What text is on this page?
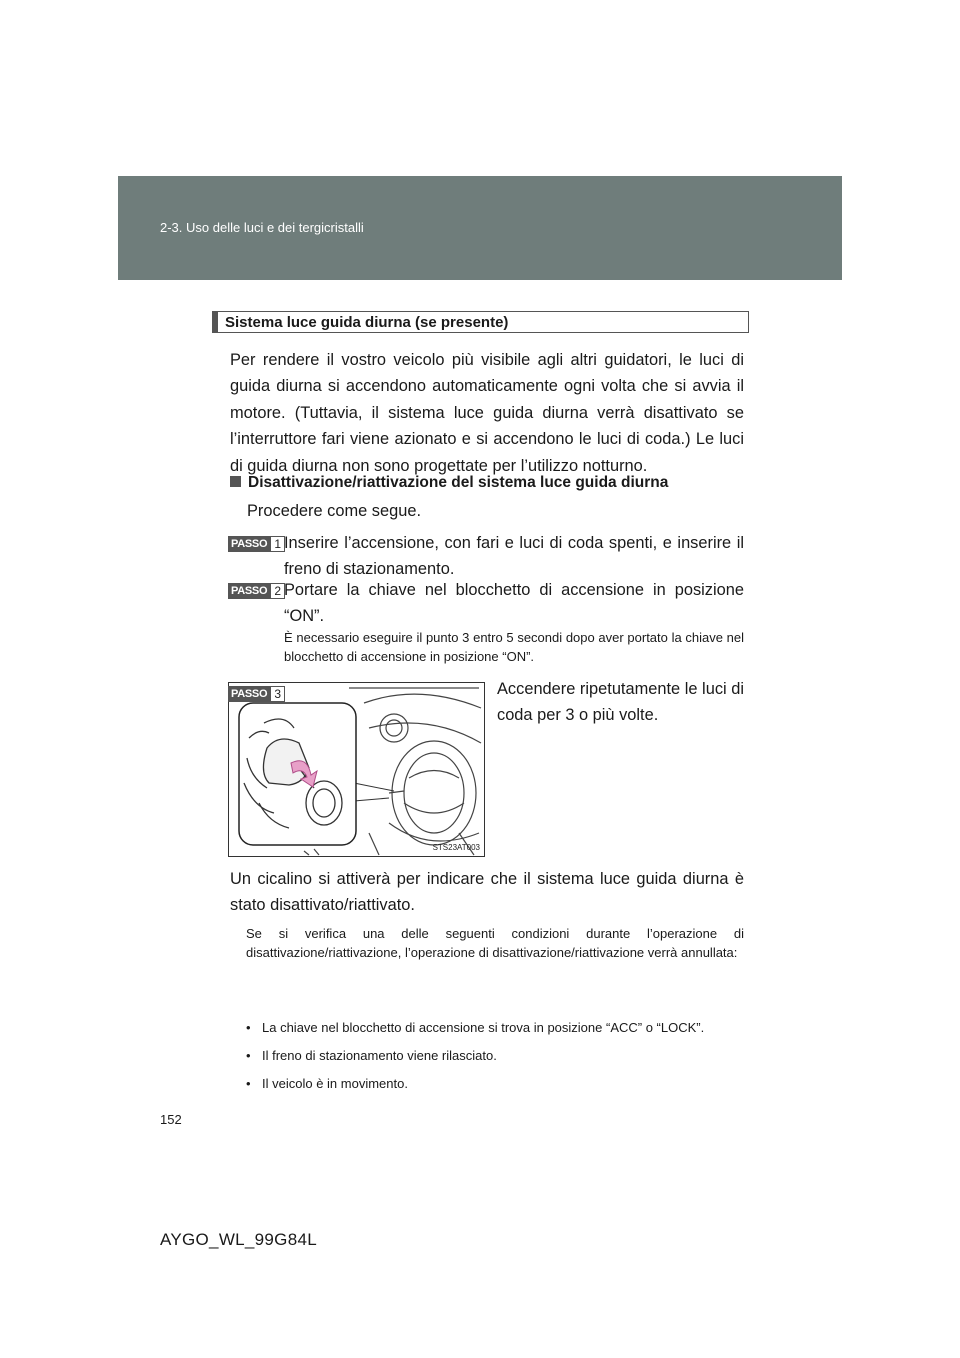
2-3. Uso delle luci e dei tergicristalli
Sistema luce guida diurna (se presente)

Per rendere il vostro veicolo più visibile agli altri guidatori, le luci di guida diurna si accendono automaticamente ogni volta che si avvia il motore. (Tuttavia, il sistema luce guida diurna verrà disattivato se l’interruttore fari viene azionato e si accendono le luci di coda.) Le luci di guida diurna non sono progettate per l’utilizzo notturno.

Disattivazione/riattivazione del sistema luce guida diurna

Procedere come segue.

PASSO 1 Inserire l’accensione, con fari e luci di coda spenti, e inserire il freno di stazionamento.

PASSO 2 Portare la chiave nel blocchetto di accensione in posizione “ON”.

È necessario eseguire il punto 3 entro 5 secondi dopo aver portato la chiave nel blocchetto di accensione in posizione “ON”.

STS23AT003
PASSO 3	Accendere ripetutamente le luci di coda per 3 o più volte.

Un cicalino si attiverà per indicare che il sistema luce guida diurna è stato disattivato/riattivato.

Se si verifica una delle seguenti condizioni durante l’operazione di disattivazione/riattivazione, l’operazione di disattivazione/riattivazione verrà annullata:

• La chiave nel blocchetto di accensione si trova in posizione “ACC” o “LOCK”.
• Il freno di stazionamento viene rilasciato.
• Il veicolo è in movimento.
152
AYGO_WL_99G84L
